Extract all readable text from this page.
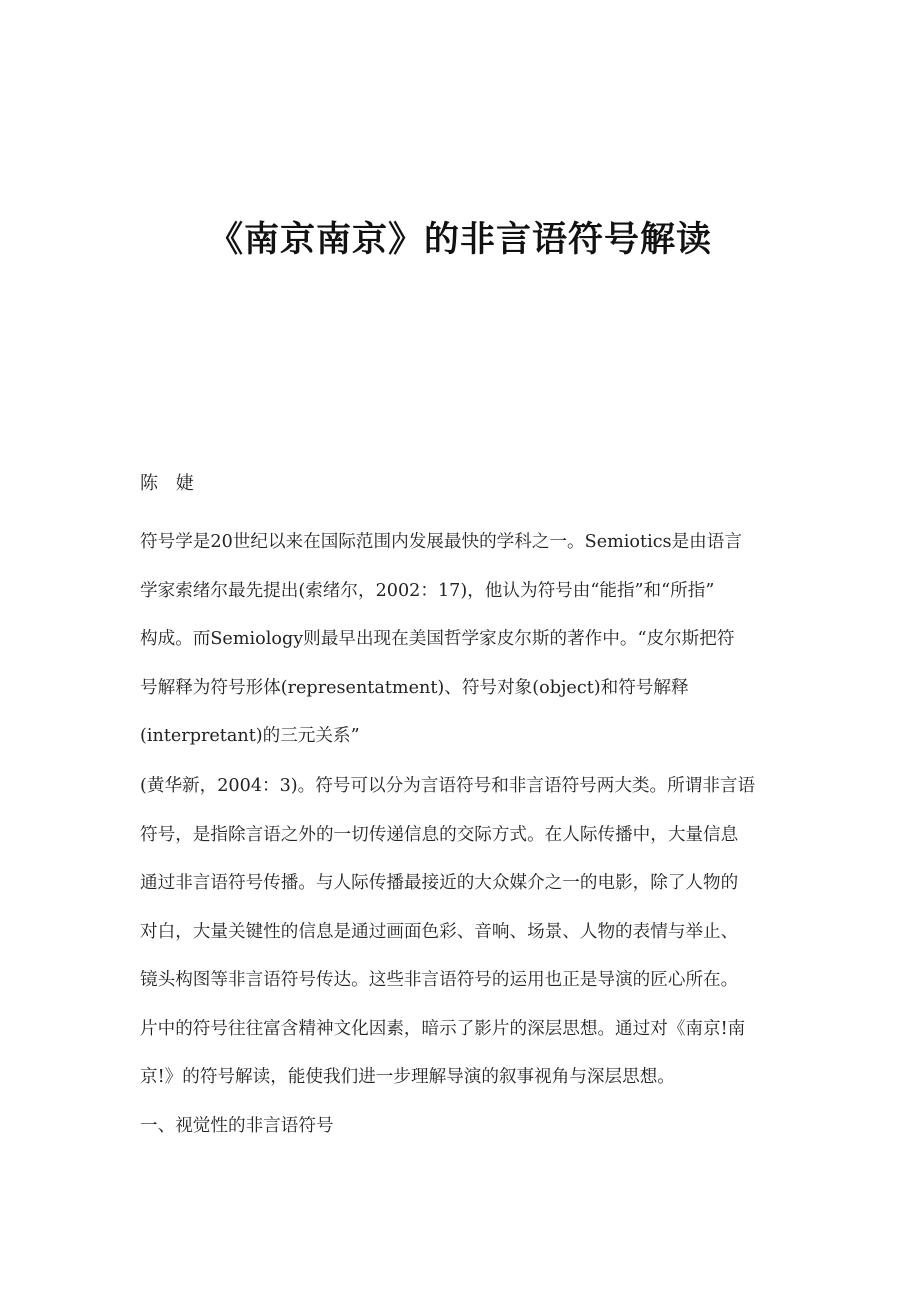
《南京南京》的非言语符号解读

陈 婕

符号学是20世纪以来在国际范围内发展最快的学科之一。Semiotics是由语言
学家索绪尔最先提出(索绪尔，2002：17)，他认为符号由“能指”和“所指”
构成。而Semiology则最早出现在美国哲学家皮尔斯的著作中。“皮尔斯把符
号解释为符号形体(representatment)、符号对象(object)和符号解释
(interpretant)的三元关系”
(黄华新，2004：3)。符号可以分为言语符号和非言语符号两大类。所谓非言语
符号，是指除言语之外的一切传递信息的交际方式。在人际传播中，大量信息
通过非言语符号传播。与人际传播最接近的大众媒介之一的电影，除了人物的
对白，大量关键性的信息是通过画面色彩、音响、场景、人物的表情与举止、
镜头构图等非言语符号传达。这些非言语符号的运用也正是导演的匠心所在。
片中的符号往往富含精神文化因素，暗示了影片的深层思想。通过对《南京!南
京!》的符号解读，能使我们进一步理解导演的叙事视角与深层思想。
一、视觉性的非言语符号
